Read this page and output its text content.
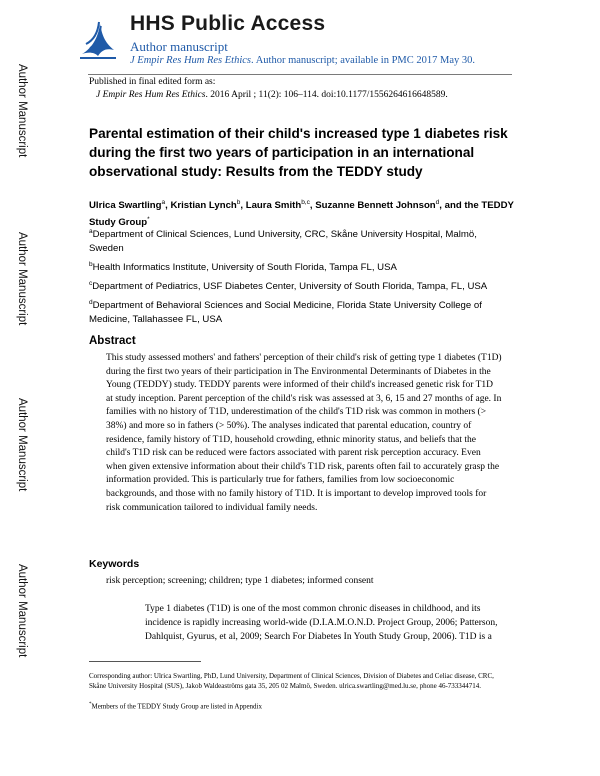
Author Manuscript
Author Manuscript
Author Manuscript
Author Manuscript
HHS Public Access
Author manuscript
J Empir Res Hum Res Ethics. Author manuscript; available in PMC 2017 May 30.
Published in final edited form as:
J Empir Res Hum Res Ethics. 2016 April ; 11(2): 106–114. doi:10.1177/1556264616648589.
Parental estimation of their child's increased type 1 diabetes risk during the first two years of participation in an international observational study: Results from the TEDDY study
Ulrica Swartling$^a$, Kristian Lynch$^b$, Laura Smith$^{b,c}$, Suzanne Bennett Johnson$^d$, and the TEDDY Study Group*
$^a$Department of Clinical Sciences, Lund University, CRC, Skåne University Hospital, Malmö, Sweden
$^b$Health Informatics Institute, University of South Florida, Tampa FL, USA
$^c$Department of Pediatrics, USF Diabetes Center, University of South Florida, Tampa, FL, USA
$^d$Department of Behavioral Sciences and Social Medicine, Florida State University College of Medicine, Tallahassee FL, USA
Abstract
This study assessed mothers' and fathers' perception of their child's risk of getting type 1 diabetes (T1D) during the first two years of their participation in The Environmental Determinants of Diabetes in the Young (TEDDY) study. TEDDY parents were informed of their child's increased genetic risk for T1D at study inception. Parent perception of the child's risk was assessed at 3, 6, 15 and 27 months of age. In families with no history of T1D, underestimation of the child's T1D risk was common in mothers (> 38%) and more so in fathers (> 50%). The analyses indicated that parental education, country of residence, family history of T1D, household crowding, ethnic minority status, and beliefs that the child's T1D risk can be reduced were factors associated with parent risk perception accuracy. Even when given extensive information about their child's T1D risk, parents often fail to accurately grasp the information provided. This is particularly true for fathers, families from low socioeconomic backgrounds, and those with no family history of T1D. It is important to develop improved tools for risk communication tailored to individual family needs.
Keywords
risk perception; screening; children; type 1 diabetes; informed consent
Type 1 diabetes (T1D) is one of the most common chronic diseases in childhood, and its incidence is rapidly increasing world-wide (D.I.A.M.O.N.D. Project Group, 2006; Patterson, Dahlquist, Gyurus, et al, 2009; Search For Diabetes In Youth Study Group, 2006). T1D is a
Corresponding author: Ulrica Swartling, PhD, Lund University, Department of Clinical Sciences, Division of Diabetes and Celiac disease, CRC, Skåne University Hospital (SUS), Jakob Waldeaströms gata 35, 205 02 Malmö, Sweden. ulrica.swartling@med.lu.se, phone 46-733344714.
*Members of the TEDDY Study Group are listed in Appendix
